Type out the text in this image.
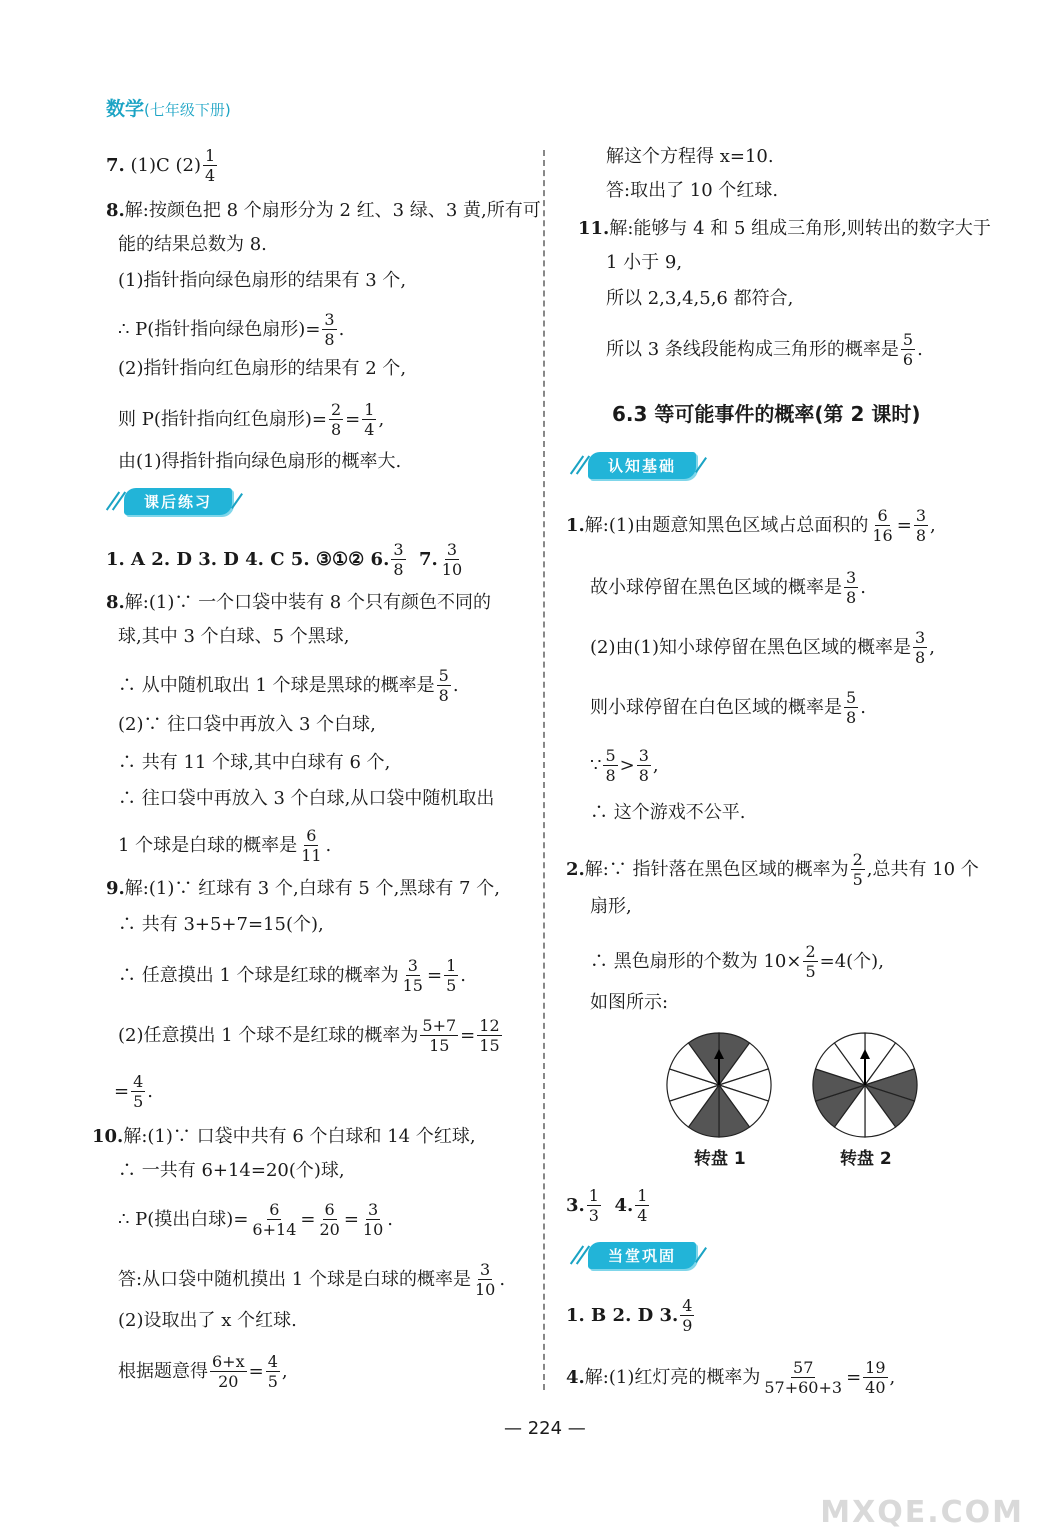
数学(七年级下册)
7.
(1)C $(2) \frac{1}{4}$
8. 解:按颜色把 8 个扇形分为 2 红、3 绿、3 黄,所有可
能的结果总数为 8.
(1)指针指向绿色扇形的结果有 3 个,
∴ P(指针指向绿色扇形)= $\frac{3}{8}$ .
(2)指针指向红色扇形的结果有 2 个,
则 P(指针指向红色扇形)= $\frac{2}{8} = \frac{1}{4}$ ,
由(1)得指针指向绿色扇形的概率大.
课后练习
1. A 2. D 3. D 4. C 5. ③①② 6. $\frac{3}{8}$
7. $\frac{3}{10}$
8. 解:(1)∵ 一个口袋中装有 8 个只有颜色不同的
球,其中 3 个白球、5 个黑球,
∴ 从中随机取出 1 个球是黑球的概率是 $\frac{5}{8}$ .
(2)∵ 往口袋中再放入 3 个白球,
∴ 共有 11 个球,其中白球有 6 个,
∴ 往口袋中再放入 3 个白球,从口袋中随机取出
1 个球是白球的概率是 $\frac{6}{11}$ .
9. 解:(1)∵ 红球有 3 个,白球有 5 个,黑球有 7 个,
∴ 共有 3+5+7=15(个),
∴ 任意摸出 1 个球是红球的概率为 $\frac{3}{15} = \frac{1}{5}$ .
(2)任意摸出 1 个球不是红球的概率为 $\frac{5+7}{15} = \frac{12}{15}$
= $\frac{4}{5}$ .
10. 解:(1)∵ 口袋中共有 6 个白球和 14 个红球,
∴ 一共有 6+14=20(个)球,
∴ P(摸出白球)= $\frac{6}{6+14} = \frac{6}{20} = \frac{3}{10}$ .
答:从口袋中随机摸出 1 个球是白球的概率是 $\frac{3}{10}$ .
(2)设取出了 x 个红球.
根据题意得 $\frac{6+x}{20} = \frac{4}{5}$ ,
解这个方程得 x=10.
答:取出了 10 个红球.
11. 解:能够与 4 和 5 组成三角形,则转出的数字大于
1 小于 9,
所以 2,3,4,5,6 都符合,
所以 3 条线段能构成三角形的概率是 $\frac{5}{6}$ .
6.3 等可能事件的概率(第 2 课时)
认知基础
1. 解:(1)由题意知黑色区域占总面积的 $\frac{6}{16} = \frac{3}{8}$ ,
故小球停留在黑色区域的概率是 $\frac{3}{8}$ .
(2)由(1)知小球停留在黑色区域的概率是 $\frac{3}{8}$ ,
则小球停留在白色区域的概率是 $\frac{5}{8}$ .
∵ $\frac{5}{8} > \frac{3}{8}$ ,
∴ 这个游戏不公平.
2. 解:∵ 指针落在黑色区域的概率为 $\frac{2}{5}$ ,总共有 10 个
扇形,
∴ 黑色扇形的个数为 $10\times \frac{2}{5} =4$(个),
如图所示:
转盘 1	转盘 2
3. $\frac{1}{3}$
4. $\frac{1}{4}$
当堂巩固
1. B 2. D 3. $\frac{4}{9}$
4. 解:(1)红灯亮的概率为 $\frac{57}{57+60+3} = \frac{19}{40}$ ,
— 224 —
MXQE.COM
